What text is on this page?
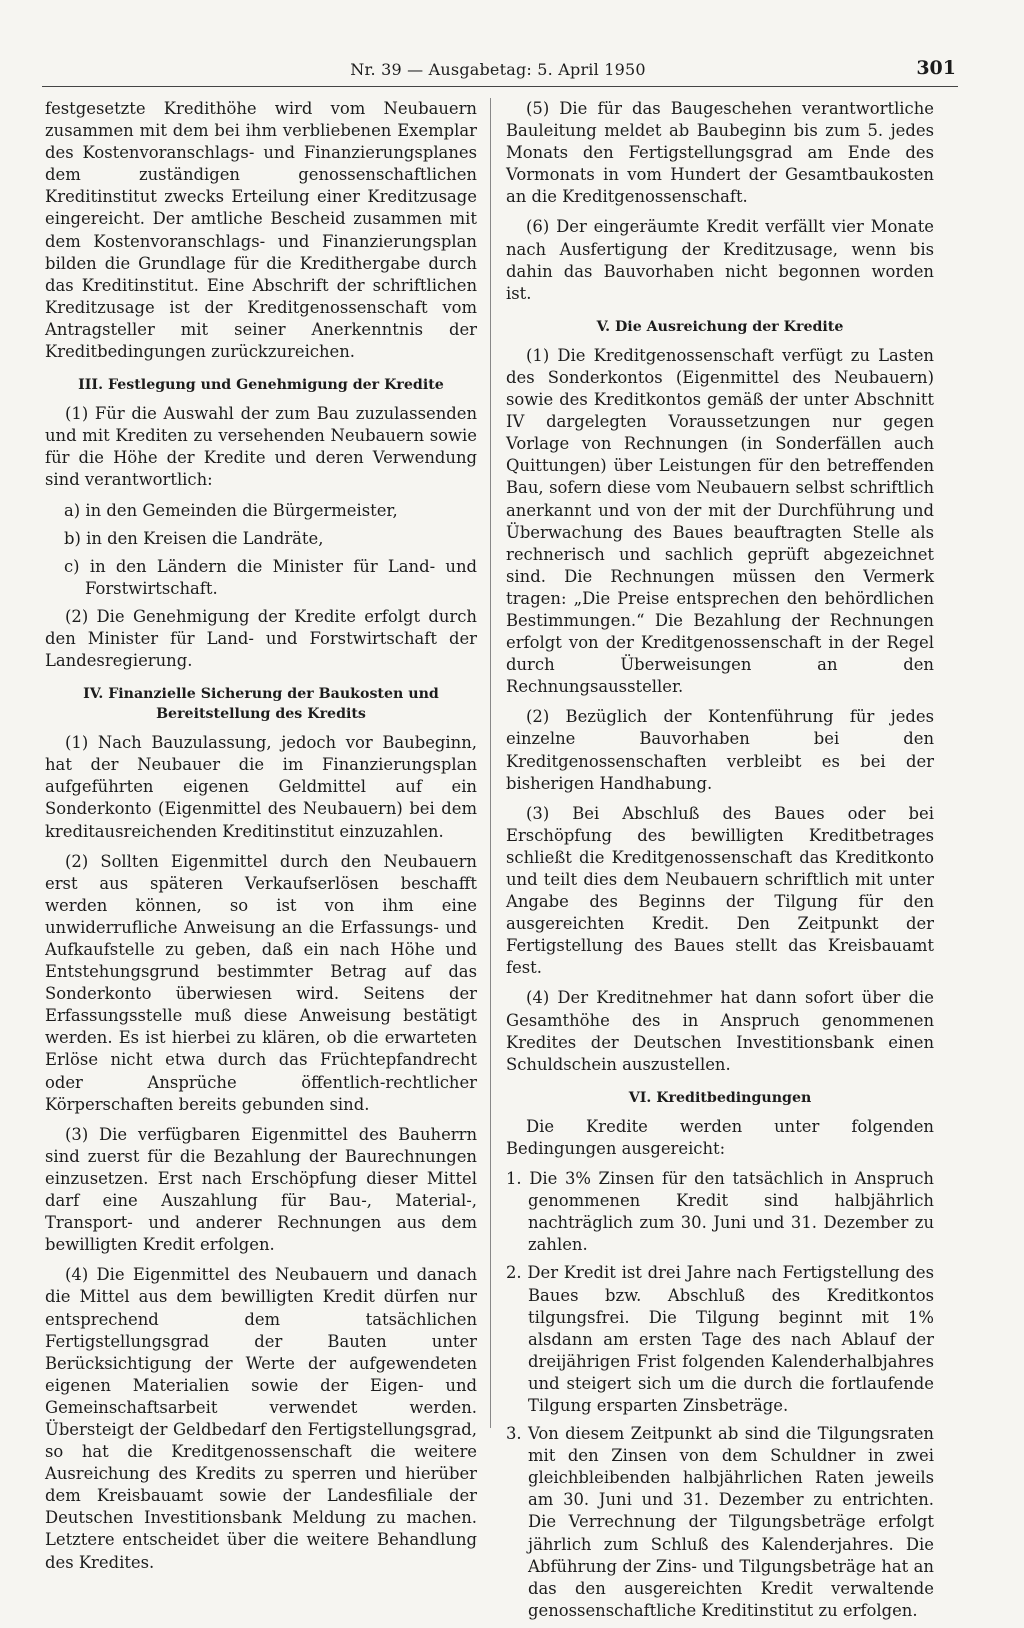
Nr. 39 — Ausgabetag: 5. April 1950	301

festgesetzte Kredithöhe wird vom Neubauern zusammen mit dem bei ihm verbliebenen Exemplar des Kostenvoranschlags- und Finanzierungsplanes dem zuständigen genossenschaftlichen Kreditinstitut zwecks Erteilung einer Kreditzusage eingereicht. Der amtliche Bescheid zusammen mit dem Kostenvoranschlags- und Finanzierungsplan bilden die Grundlage für die Kredithergabe durch das Kreditinstitut. Eine Abschrift der schriftlichen Kreditzusage ist der Kreditgenossenschaft vom Antragsteller mit seiner Anerkenntnis der Kreditbedingungen zurückzureichen.

III. Festlegung und Genehmigung der Kredite

(1) Für die Auswahl der zum Bau zuzulassenden und mit Krediten zu versehenden Neubauern sowie für die Höhe der Kredite und deren Verwendung sind verantwortlich:

a) in den Gemeinden die Bürgermeister,
b) in den Kreisen die Landräte,
c) in den Ländern die Minister für Land- und Forstwirtschaft.

(2) Die Genehmigung der Kredite erfolgt durch den Minister für Land- und Forstwirtschaft der Landesregierung.

IV. Finanzielle Sicherung der Baukosten und
Bereitstellung des Kredits

(1) Nach Bauzulassung, jedoch vor Baubeginn, hat der Neubauer die im Finanzierungsplan aufgeführten eigenen Geldmittel auf ein Sonderkonto (Eigenmittel des Neubauern) bei dem kreditausreichenden Kreditinstitut einzuzahlen.

(2) Sollten Eigenmittel durch den Neubauern erst aus späteren Verkaufserlösen beschafft werden können, so ist von ihm eine unwiderrufliche Anweisung an die Erfassungs- und Aufkaufstelle zu geben, daß ein nach Höhe und Entstehungsgrund bestimmter Betrag auf das Sonderkonto überwiesen wird. Seitens der Erfassungsstelle muß diese Anweisung bestätigt werden. Es ist hierbei zu klären, ob die erwarteten Erlöse nicht etwa durch das Früchtepfandrecht oder Ansprüche öffentlich-rechtlicher Körperschaften bereits gebunden sind.

(3) Die verfügbaren Eigenmittel des Bauherrn sind zuerst für die Bezahlung der Baurechnungen einzusetzen. Erst nach Erschöpfung dieser Mittel darf eine Auszahlung für Bau-, Material-, Transport- und anderer Rechnungen aus dem bewilligten Kredit erfolgen.

(4) Die Eigenmittel des Neubauern und danach die Mittel aus dem bewilligten Kredit dürfen nur entsprechend dem tatsächlichen Fertigstellungsgrad der Bauten unter Berücksichtigung der Werte der aufgewendeten eigenen Materialien sowie der Eigen- und Gemeinschaftsarbeit verwendet werden. Übersteigt der Geldbedarf den Fertigstellungsgrad, so hat die Kreditgenossenschaft die weitere Ausreichung des Kredits zu sperren und hierüber dem Kreisbauamt sowie der Landesfiliale der Deutschen Investitionsbank Meldung zu machen. Letztere entscheidet über die weitere Behandlung des Kredites.

(5) Die für das Baugeschehen verantwortliche Bauleitung meldet ab Baubeginn bis zum 5. jedes Monats den Fertigstellungsgrad am Ende des Vormonats in vom Hundert der Gesamtbaukosten an die Kreditgenossenschaft.

(6) Der eingeräumte Kredit verfällt vier Monate nach Ausfertigung der Kreditzusage, wenn bis dahin das Bauvorhaben nicht begonnen worden ist.

V. Die Ausreichung der Kredite

(1) Die Kreditgenossenschaft verfügt zu Lasten des Sonderkontos (Eigenmittel des Neubauern) sowie des Kreditkontos gemäß der unter Abschnitt IV dargelegten Voraussetzungen nur gegen Vorlage von Rechnungen (in Sonderfällen auch Quittungen) über Leistungen für den betreffenden Bau, sofern diese vom Neubauern selbst schriftlich anerkannt und von der mit der Durchführung und Überwachung des Baues beauftragten Stelle als rechnerisch und sachlich geprüft abgezeichnet sind. Die Rechnungen müssen den Vermerk tragen: „Die Preise entsprechen den behördlichen Bestimmungen.“ Die Bezahlung der Rechnungen erfolgt von der Kreditgenossenschaft in der Regel durch Überweisungen an den Rechnungsaussteller.

(2) Bezüglich der Kontenführung für jedes einzelne Bauvorhaben bei den Kreditgenossenschaften verbleibt es bei der bisherigen Handhabung.

(3) Bei Abschluß des Baues oder bei Erschöpfung des bewilligten Kreditbetrages schließt die Kreditgenossenschaft das Kreditkonto und teilt dies dem Neubauern schriftlich mit unter Angabe des Beginns der Tilgung für den ausgereichten Kredit. Den Zeitpunkt der Fertigstellung des Baues stellt das Kreisbauamt fest.

(4) Der Kreditnehmer hat dann sofort über die Gesamthöhe des in Anspruch genommenen Kredites der Deutschen Investitionsbank einen Schuldschein auszustellen.

VI. Kreditbedingungen

Die Kredite werden unter folgenden Bedingungen ausgereicht:

1. Die 3% Zinsen für den tatsächlich in Anspruch genommenen Kredit sind halbjährlich nachträglich zum 30. Juni und 31. Dezember zu zahlen.
2. Der Kredit ist drei Jahre nach Fertigstellung des Baues bzw. Abschluß des Kreditkontos tilgungsfrei. Die Tilgung beginnt mit 1% alsdann am ersten Tage des nach Ablauf der dreijährigen Frist folgenden Kalenderhalbjahres und steigert sich um die durch die fortlaufende Tilgung ersparten Zinsbeträge.
3. Von diesem Zeitpunkt ab sind die Tilgungsraten mit den Zinsen von dem Schuldner in zwei gleichbleibenden halbjährlichen Raten jeweils am 30. Juni und 31. Dezember zu entrichten. Die Verrechnung der Tilgungsbeträge erfolgt jährlich zum Schluß des Kalenderjahres. Die Abführung der Zins- und Tilgungsbeträge hat an das den ausgereichten Kredit verwaltende genossenschaftliche Kreditinstitut zu erfolgen.
